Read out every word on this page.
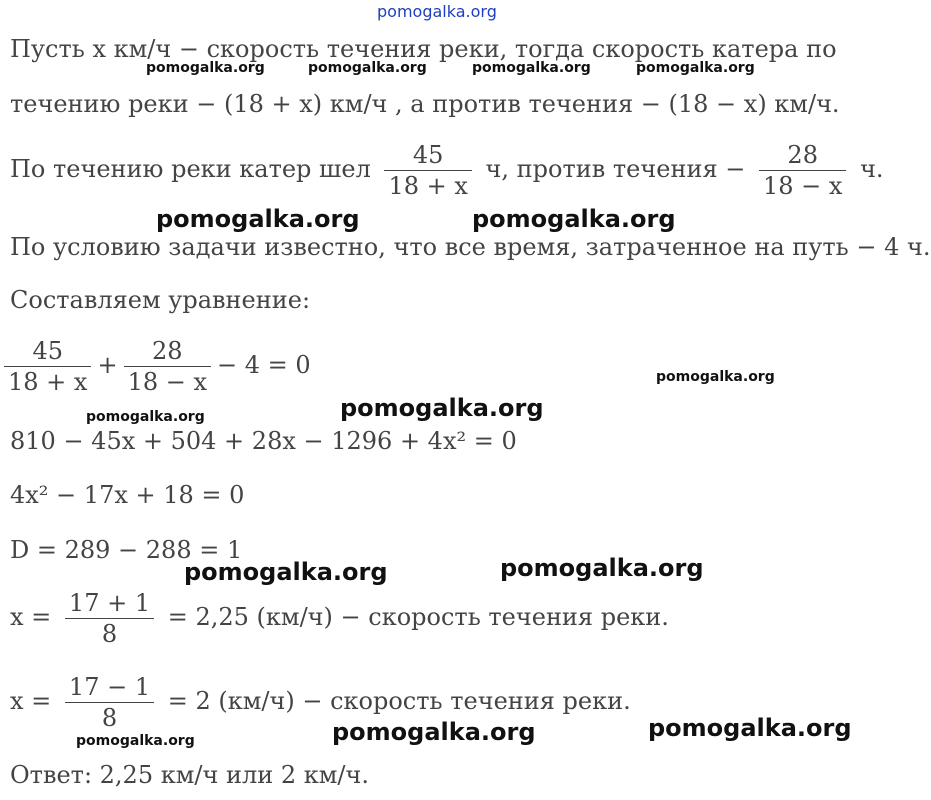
pomogalka.org
pomogalka.org	pomogalka.org	pomogalka.org	pomogalka.org
pomogalka.org	pomogalka.org
pomogalka.org
pomogalka.org	pomogalka.org
pomogalka.org	pomogalka.org
pomogalka.org	pomogalka.org	pomogalka.org
Пусть x км/ч − скорость течения реки, тогда скорость катера по
течению реки − (18 + x) км/ч , а против течения − (18 − x) км/ч.
По течению реки катер шел $\frac{45}{18 + x} ч$, против течения − $\frac{28}{18 - x} ч$.
По условию задачи известно, что все время, затраченное на путь − 4 ч.
Составляем уравнение:
$\frac{45}{18 + x} + \frac{28}{18 - x} - 4 = 0$
810 − 45x + 504 + 28x − 1296 + 4x² = 0
4x² − 17x + 18 = 0
D = 289 − 288 = 1
$x = \frac{17 + 1}{8} = 2,25$ (км/ч) − скорость течения реки.
$x = \frac{17 - 1}{8} = 2$ (км/ч) − скорость течения реки.
Ответ: 2,25 км/ч или 2 км/ч.
